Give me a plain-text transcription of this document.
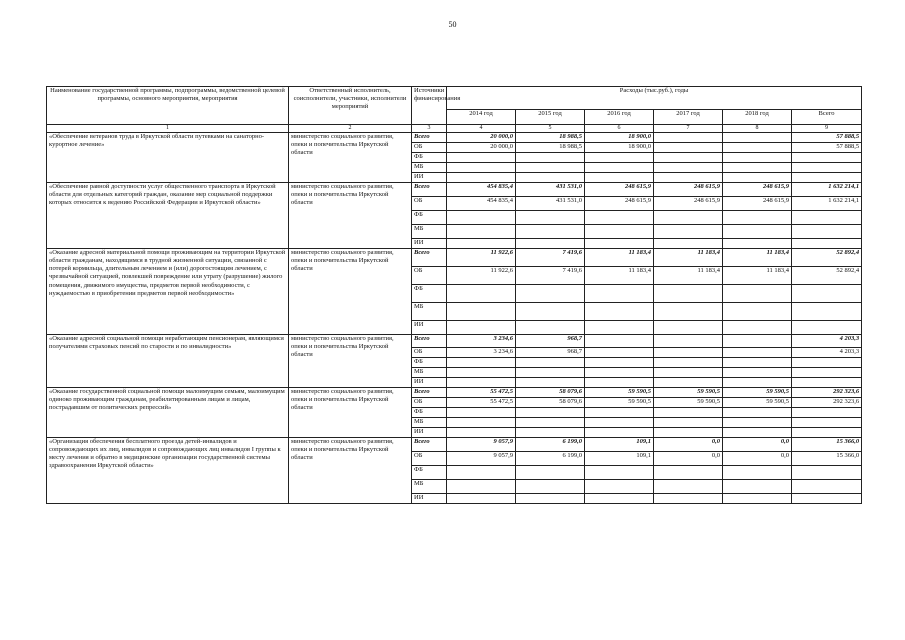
50
Наименование государственной программы, подпрограммы, ведомственной целевой программы, основного мероприятия, мероприятия	Ответственный исполнитель, соисполнители, участники, исполнители мероприятий	Источники финансирования	Расходы (тыс.руб.), годы					
			2014 год	2015 год	2016 год	2017 год	2018 год	Всего
1	2	3	4	5	6	7	8	9
«Обеспечение ветеранов труда в Иркутской области путевками на санаторно-курортное лечение»	министерство социального развития, опеки и попечительства Иркутской области	Всего	20 000,0	18 988,5	18 900,0			57 888,5
		ОБ	20 000,0	18 988,5	18 900,0			57 888,5
		ФБ						
		МБ						
		ИИ						
«Обеспечение равной доступности услуг общественного транспорта в Иркутской области для отдельных категорий граждан, оказание мер социальной поддержки которых относится к ведению Российской Федерации и Иркутской области»	министерство социального развития, опеки и попечительства Иркутской области	Всего	454 835,4	431 531,0	248 615,9	248 615,9	248 615,9	1 632 214,1
		ОБ	454 835,4	431 531,0	248 615,9	248 615,9	248 615,9	1 632 214,1
		ФБ						
		МБ						
		ИИ						
«Оказание адресной материальной помощи проживающим на территории Иркутской области гражданам, находящимся в трудной жизненной ситуации, связанной с потерей кормильца, длительным лечением и (или) дорогостоящим лечением, с чрезвычайной ситуацией, повлекшей повреждение или утрату (разрушение) жилого помещения, движимого имущества, предметов первой необходимости, с нуждаемостью в приобретении предметов первой необходимости»	министерство социального развития, опеки и попечительства Иркутской области	Всего	11 922,6	7 419,6	11 183,4	11 183,4	11 183,4	52 892,4
		ОБ	11 922,6	7 419,6	11 183,4	11 183,4	11 183,4	52 892,4
		ФБ						
		МБ						
		ИИ						
«Оказание адресной социальной помощи неработающим пенсионерам, являющимся получателями страховых пенсий по старости и по инвалидности»	министерство социального развития, опеки и попечительства Иркутской области	Всего	3 234,6	968,7				4 203,3
		ОБ	3 234,6	968,7				4 203,3
		ФБ						
		МБ						
		ИИ						
«Оказание государственной социальной помощи малоимущим семьям, малоимущим одиноко проживающим гражданам, реабилитированным лицам и лицам, пострадавшим от политических репрессий»	министерство социального развития, опеки и попечительства Иркутской области	Всего	55 472,5	58 079,6	59 590,5	59 590,5	59 590,5	292 323,6
		ОБ	55 472,5	58 079,6	59 590,5	59 590,5	59 590,5	292 323,6
		ФБ						
		МБ						
		ИИ						
«Организация обеспечения бесплатного проезда детей-инвалидов и сопровождающих их лиц, инвалидов и сопровождающих лиц инвалидов I группы к месту лечения и обратно в медицинские организации государственной системы здравоохранения Иркутской области»	министерство социального развития, опеки и попечительства Иркутской области	Всего	9 057,9	6 199,0	109,1	0,0	0,0	15 366,0
		ОБ	9 057,9	6 199,0	109,1	0,0	0,0	15 366,0
		ФБ						
		МБ						
		ИИ						
